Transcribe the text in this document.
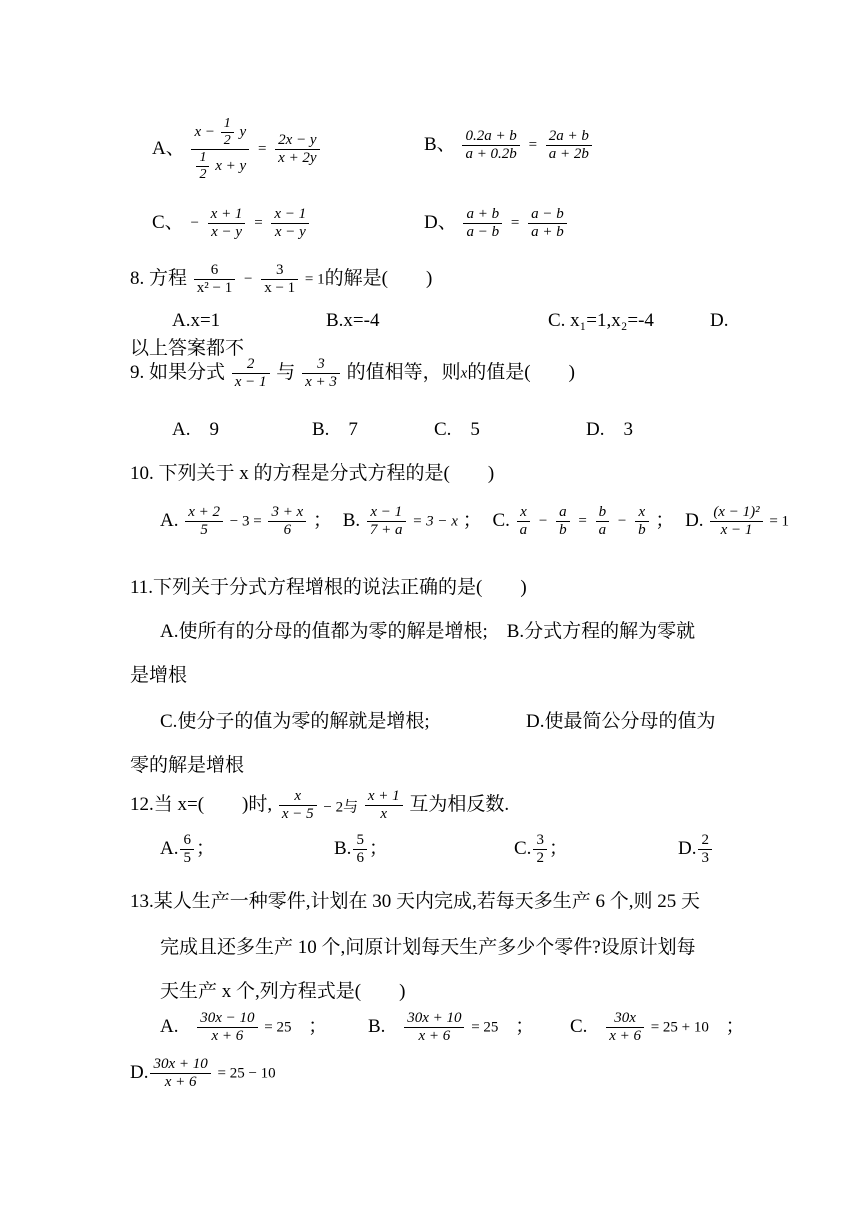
A、 $\frac{x - \frac{1}{2} y}{\frac{1}{2} x + y} = \frac{2x - y}{x + 2y}$	B、 $\frac{0.2a + b}{a + 0.2b} = \frac{2a + b}{a + 2b}$
C、 − $\frac{x + 1}{x - y} = \frac{x - 1}{x - y}$	D、 $\frac{a + b}{a - b} = \frac{a - b}{a + b}$
8. 方程 $\frac{6}{\text{x² − 1}} - \frac{3}{x - 1} = 1$的解是(　　)
A.x=1	B.x=-4	C. x₁=1,x₂=-4	D.
以上答案都不
9. 如果分式 $\frac{2}{x - 1}$ 与 $\frac{3}{x + 3}$ 的值相等，则x的值是(　　)
A.　9	B.　7	C.　5	D.　3
10. 下列关于 x 的方程是分式方程的是(　　)
A. $\frac{x + 2}{5} - 3 = \frac{3 + x}{6}$ ； B. $\frac{x - 1}{7 + a} = 3 - x$ ； C. $\frac{x}{a} - \frac{a}{b} = \frac{b}{a} - \frac{x}{b}$ ； D. $\frac{\text{(x − 1)²}}{x - 1} = 1$
11.下列关于分式方程增根的说法正确的是(　　)
A.使所有的分母的值都为零的解是增根;　B.分式方程的解为零就
是增根
C.使分子的值为零的解就是增根;	D.使最简公分母的值为
零的解是增根
12.当 x=(　　)时, $\frac{x}{x - 5} - 2$与 $\frac{x + 1}{x}$ 互为相反数.
A. $\frac{6}{5}$ ；	B. $\frac{5}{6}$ ；	C. $\frac{3}{2}$ ；	D. $\frac{2}{3}$
13.某人生产一种零件,计划在 30 天内完成,若每天多生产 6 个,则 25 天
完成且还多生产 10 个,问原计划每天生产多少个零件?设原计划每
天生产 x 个,列方程式是(　　)
A. $\frac{30x - 10}{x + 6} = 25$ ； B. $\frac{30x + 10}{x + 6} = 25$ ； C. $\frac{30x}{x + 6} = 25 + 10$ ；
D. $\frac{30x + 10}{x + 6} = 25 - 10$
